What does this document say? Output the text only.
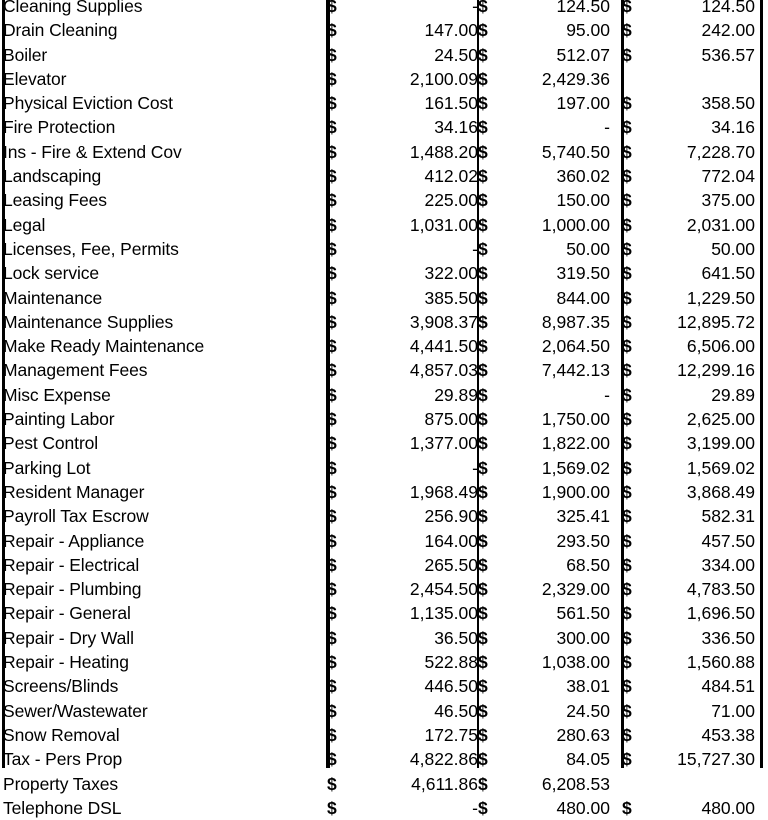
Cleaning Supplies	$	-	$	124.50	$	124.50
Drain Cleaning	$	147.00	$	95.00	$	242.00
Boiler	$	24.50	$	512.07	$	536.57
Elevator	$	2,100.09	$	2,429.36		
Physical Eviction Cost	$	161.50	$	197.00	$	358.50
Fire Protection	$	34.16	$	-	$	34.16
Ins - Fire & Extend Cov	$	1,488.20	$	5,740.50	$	7,228.70
Landscaping	$	412.02	$	360.02	$	772.04
Leasing Fees	$	225.00	$	150.00	$	375.00
Legal	$	1,031.00	$	1,000.00	$	2,031.00
Licenses, Fee, Permits	$	-	$	50.00	$	50.00
Lock service	$	322.00	$	319.50	$	641.50
Maintenance	$	385.50	$	844.00	$	1,229.50
Maintenance Supplies	$	3,908.37	$	8,987.35	$	12,895.72
Make Ready Maintenance	$	4,441.50	$	2,064.50	$	6,506.00
Management Fees	$	4,857.03	$	7,442.13	$	12,299.16
Misc Expense	$	29.89	$	-	$	29.89
Painting Labor	$	875.00	$	1,750.00	$	2,625.00
Pest Control	$	1,377.00	$	1,822.00	$	3,199.00
Parking Lot	$	-	$	1,569.02	$	1,569.02
Resident Manager	$	1,968.49	$	1,900.00	$	3,868.49
Payroll Tax Escrow	$	256.90	$	325.41	$	582.31
Repair - Appliance	$	164.00	$	293.50	$	457.50
Repair - Electrical	$	265.50	$	68.50	$	334.00
Repair - Plumbing	$	2,454.50	$	2,329.00	$	4,783.50
Repair - General	$	1,135.00	$	561.50	$	1,696.50
Repair - Dry Wall	$	36.50	$	300.00	$	336.50
Repair - Heating	$	522.88	$	1,038.00	$	1,560.88
Screens/Blinds	$	446.50	$	38.01	$	484.51
Sewer/Wastewater	$	46.50	$	24.50	$	71.00
Snow Removal	$	172.75	$	280.63	$	453.38
Tax - Pers Prop	$	4,822.86	$	84.05	$	15,727.30
Property Taxes	$	4,611.86	$	6,208.53		
Telephone DSL	$	-	$	480.00	$	480.00
